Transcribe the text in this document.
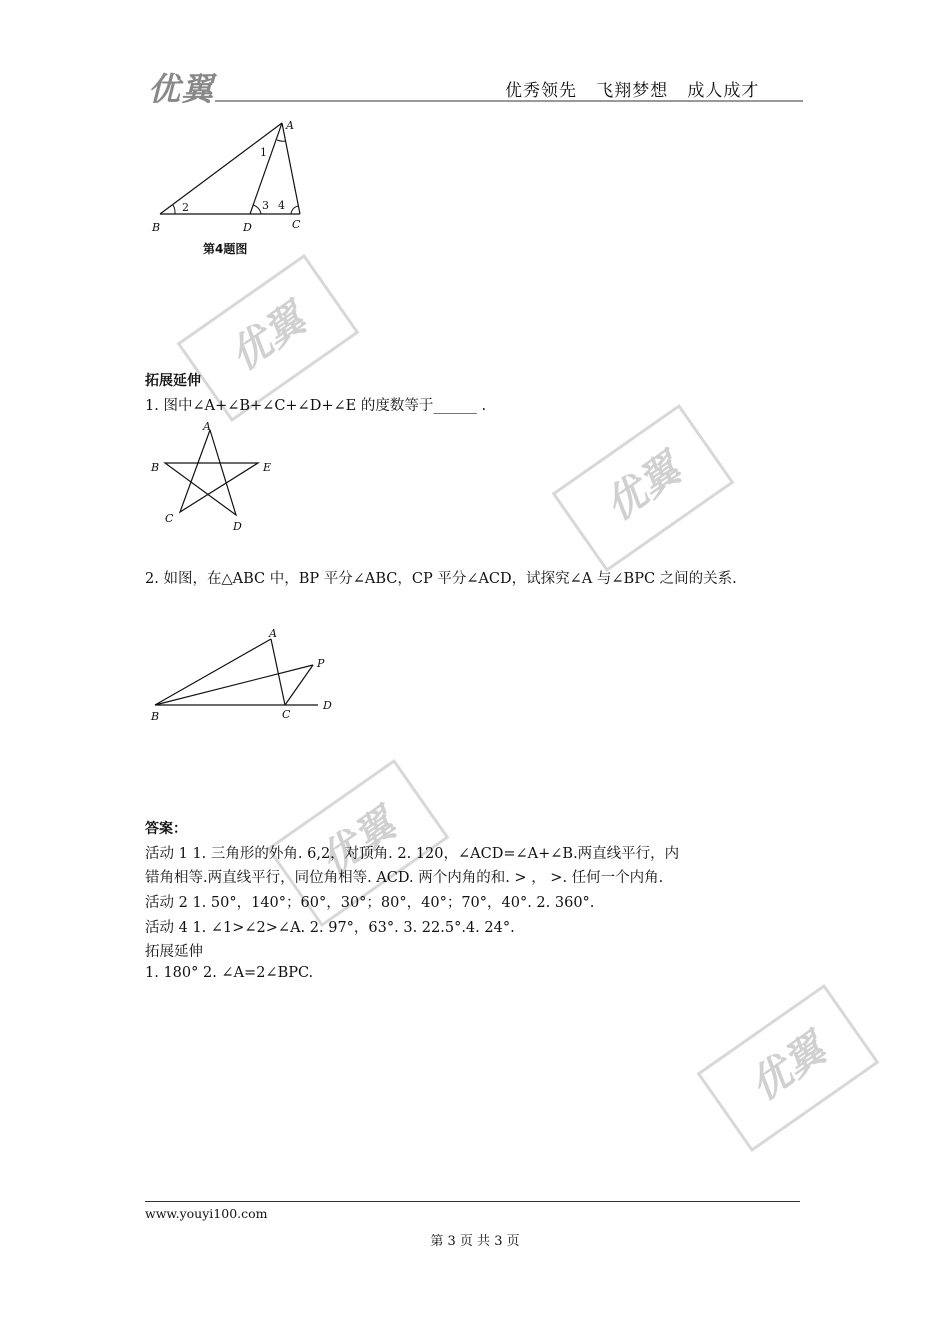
优翼	优秀领先   飞翔梦想   成人成才
优翼
优翼
优翼
优翼
A
B	C
D
1
2	3 4
第4题图
拓展延伸
1. 图中∠A+∠B+∠C+∠D+∠E 的度数等于______ .
A
B
C
D
E
2. 如图，在△ABC 中，BP 平分∠ABC，CP 平分∠ACD，试探究∠A 与∠BPC 之间的关系.
A
B	C
D
P
答案：
活动 1 1. 三角形的外角. 6,2，对顶角. 2. 120，∠ACD=∠A+∠B.两直线平行，内
错角相等.两直线平行，同位角相等. ACD. 两个内角的和. > ， >. 任何一个内角.
活动 2 1. 50°，140°；60°，30°；80°，40°；70°，40°. 2. 360°.
活动 4 1. ∠1>∠2>∠A. 2. 97°，63°. 3. 22.5°.4. 24°.
拓展延伸
1. 180° 2. ∠A=2∠BPC.
www.youyi100.com
第 3 页 共 3 页
